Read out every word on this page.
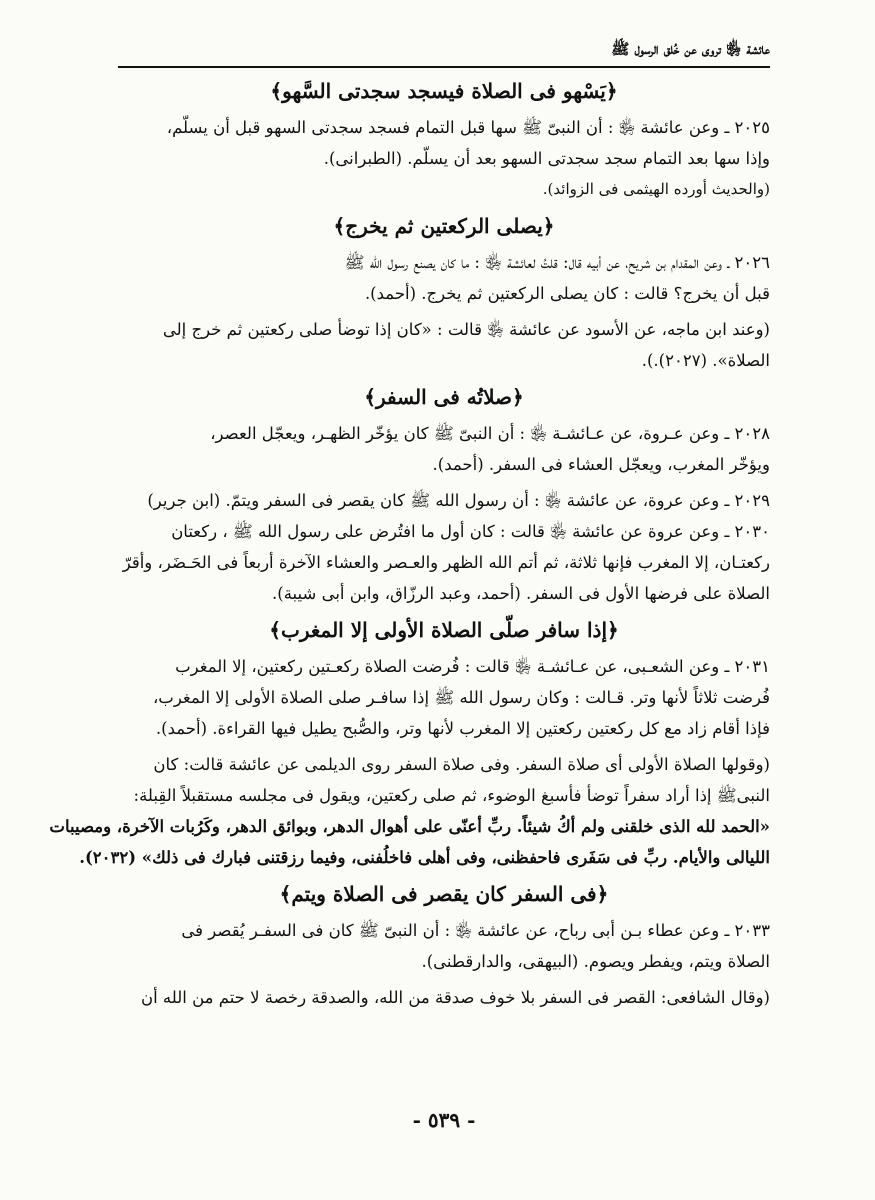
عائشة ﵂ تروى عن خُلق الرسول ﷺ
﴿يَسْهو فى الصلاة فيسجد سجدتى السَّهو﴾

٢٠٢٥ ـ وعن عائشة ﵂ : أن النبىّ ﷺ سها قبل التمام فسجد سجدتى السهو قبل أن يسلّم،
وإذا سها بعد التمام سجد سجدتى السهو بعد أن يسلّم. (الطبرانى).

(والحديث أورده الهيثمى فى الزوائد).

﴿يصلى الركعتين ثم يخرج﴾

٢٠٢٦ ـ وعن المقدام بن شريح، عن أبيه قال: قلتُ لعائشة ﵂ : ما كان يصنع رسول الله ﷺ
قبل أن يخرج؟ قالت : كان يصلى الركعتين ثم يخرج. (أحمد).

(وعند ابن ماجه، عن الأسود عن عائشة ﵂ قالت : «كان إذا توضأ صلى ركعتين ثم خرج إلى
الصلاة». (٢٠٢٧).).

﴿صلاتُه فى السفر﴾

٢٠٢٨ ـ وعن عـروة، عن عـائشـة ﵂ : أن النبىّ ﷺ كان يؤخّر الظهـر، ويعجّل العصر،
ويؤخّر المغرب، ويعجّل العشاء فى السفر. (أحمد).

٢٠٢٩ ـ وعن عروة، عن عائشة ﵂ : أن رسول الله ﷺ كان يقصر فى السفر ويتمّ. (ابن جرير)

٢٠٣٠ ـ وعن عروة عن عائشة ﵂ قالت : كان أول ما افتُرض على رسول الله ﷺ ، ركعتان
ركعتـان، إلا المغرب فإنها ثلاثة، ثم أتم الله الظهر والعـصر والعشاء الآخرة أربعاً فى الحَـضَر، وأقرّ
الصلاة على فرضها الأول فى السفر. (أحمد، وعبد الرزّاق، وابن أبى شيبة).

﴿إذا سافر صلّى الصلاة الأولى إلا المغرب﴾

٢٠٣١ ـ وعن الشعـبى، عن عـائشـة ﵂ قالت : فُرضت الصلاة ركعـتين ركعتين، إلا المغرب
فُرضت ثلاثاً لأنها وتر. قـالت : وكان رسول الله ﷺ إذا سافـر صلى الصلاة الأولى إلا المغرب،
فإذا أقام زاد مع كل ركعتين ركعتين إلا المغرب لأنها وتر، والصُّبح يطيل فيها القراءة. (أحمد).

(وقولها الصلاة الأولى أى صلاة السفر. وفى صلاة السفر روى الديلمى عن عائشة قالت: كان
النبىﷺ إذا أراد سفراً توضأ فأسبغ الوضوء، ثم صلى ركعتين، ويقول فى مجلسه مستقبلاً القِبلة:
«الحمد لله الذى خلقنى ولم أكُ شيئاً. ربِّ أعنّى على أهوال الدهر، وبوائق الدهر، وكَرُبات الآخرة، ومصيبات
الليالى والأيام. ربِّ فى سَفَرى فاحفظنى، وفى أهلى فاخلُفنى، وفيما رزقتنى فبارك فى ذلك» (٢٠٣٢).

﴿فى السفر كان يقصر فى الصلاة ويتم﴾

٢٠٣٣ ـ وعن عطاء بـن أبى رباح، عن عائشة ﵂ : أن النبىّ ﷺ كان فى السفـر يُقصر فى
الصلاة ويتم، ويفطر ويصوم. (البيهقى، والدارقطنى).

(وقال الشافعى: القصر فى السفر بلا خوف صدقة من الله، والصدقة رخصة لا حتم من الله أن

- ٥٣٩ -
